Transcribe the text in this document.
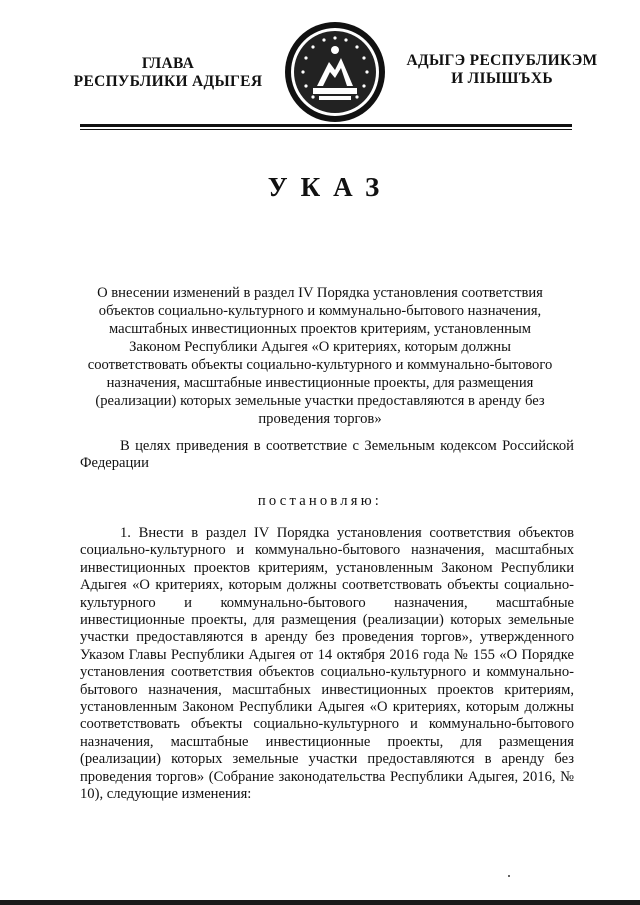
ГЛАВА
РЕСПУБЛИКИ АДЫГЕЯ
АДЫГЭ РЕСПУБЛИКЭМ
И ЛІЫШЪХЬ
УКАЗ
О внесении изменений в раздел IV Порядка установления соответствия объектов социально-культурного и коммунально-бытового назначения, масштабных инвестиционных проектов критериям, установленным Законом Республики Адыгея «О критериях, которым должны соответствовать объекты социально-культурного и коммунально-бытового назначения, масштабные инвестиционные проекты, для размещения (реализации) которых земельные участки предоставляются в аренду без проведения торгов»
В целях приведения в соответствие с Земельным кодексом Российской Федерации
постановляю:
1. Внести в раздел IV Порядка установления соответствия объектов социально-культурного и коммунально-бытового назначения, масштабных инвестиционных проектов критериям, установленным Законом Республики Адыгея «О критериях, которым должны соответствовать объекты социально-культурного и коммунально-бытового назначения, масштабные инвестиционные проекты, для размещения (реализации) которых земельные участки предоставляются в аренду без проведения торгов», утвержденного Указом Главы Республики Адыгея от 14 октября 2016 года № 155 «О Порядке установления соответствия объектов социально-культурного и коммунально-бытового назначения, масштабных инвестиционных проектов критериям, установленным Законом Республики Адыгея «О критериях, которым должны соответствовать объекты социально-культурного и коммунально-бытового назначения, масштабные инвестиционные проекты, для размещения (реализации) которых земельные участки предоставляются в аренду без проведения торгов» (Собрание законодательства Республики Адыгея, 2016, № 10), следующие изменения:
